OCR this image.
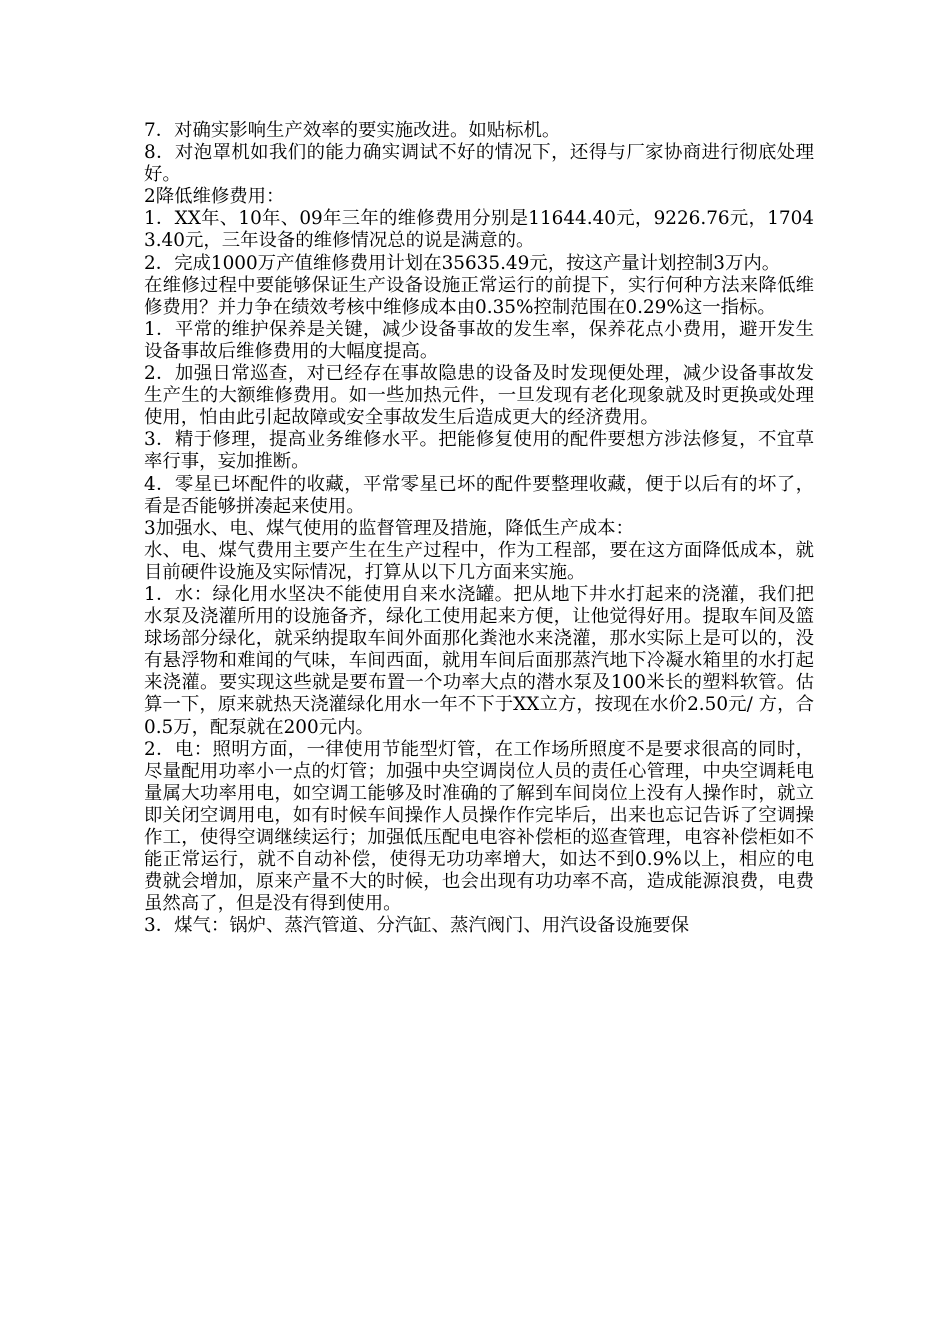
7．对确实影响生产效率的要实施改进。如贴标机。

8．对泡罩机如我们的能力确实调试不好的情况下，还得与厂家协商进行彻底处理好。

2降低维修费用：

1．XX年、10年、09年三年的维修费用分别是11644.40元，9226.76元，17043.40元，三年设备的维修情况总的说是满意的。

2．完成1000万产值维修费用计划在35635.49元，按这产量计划控制3万内。

在维修过程中要能够保证生产设备设施正常运行的前提下，实行何种方法来降低维修费用？并力争在绩效考核中维修成本由0.35%控制范围在0.29%这一指标。

1．平常的维护保养是关键，减少设备事故的发生率，保养花点小费用，避开发生设备事故后维修费用的大幅度提高。

2．加强日常巡查，对已经存在事故隐患的设备及时发现便处理，减少设备事故发生产生的大额维修费用。如一些加热元件，一旦发现有老化现象就及时更换或处理使用，怕由此引起故障或安全事故发生后造成更大的经济费用。

3．精于修理，提高业务维修水平。把能修复使用的配件要想方涉法修复，不宜草率行事，妄加推断。

4．零星已坏配件的收藏，平常零星已坏的配件要整理收藏，便于以后有的坏了，看是否能够拼凑起来使用。

3加强水、电、煤气使用的监督管理及措施，降低生产成本：

水、电、煤气费用主要产生在生产过程中，作为工程部，要在这方面降低成本，就目前硬件设施及实际情况，打算从以下几方面来实施。

1．水：绿化用水坚决不能使用自来水浇罐。把从地下井水打起来的浇灌，我们把水泵及浇灌所用的设施备齐，绿化工使用起来方便，让他觉得好用。提取车间及篮球场部分绿化，就采纳提取车间外面那化粪池水来浇灌，那水实际上是可以的，没有悬浮物和难闻的气味，车间西面，就用车间后面那蒸汽地下冷凝水箱里的水打起来浇灌。要实现这些就是要布置一个功率大点的潜水泵及100米长的塑料软管。估算一下，原来就热天浇灌绿化用水一年不下于XX立方，按现在水价2.50元/ 方，合0.5万，配泵就在200元内。

2．电：照明方面，一律使用节能型灯管，在工作场所照度不是要求很高的同时，尽量配用功率小一点的灯管；加强中央空调岗位人员的责任心管理，中央空调耗电量属大功率用电，如空调工能够及时准确的了解到车间岗位上没有人操作时，就立即关闭空调用电，如有时候车间操作人员操作作完毕后，出来也忘记告诉了空调操作工，使得空调继续运行；加强低压配电电容补偿柜的巡查管理，电容补偿柜如不能正常运行，就不自动补偿，使得无功功率增大，如达不到0.9%以上，相应的电费就会增加，原来产量不大的时候，也会出现有功功率不高，造成能源浪费，电费虽然高了，但是没有得到使用。

3．煤气：锅炉、蒸汽管道、分汽缸、蒸汽阀门、用汽设备设施要保
